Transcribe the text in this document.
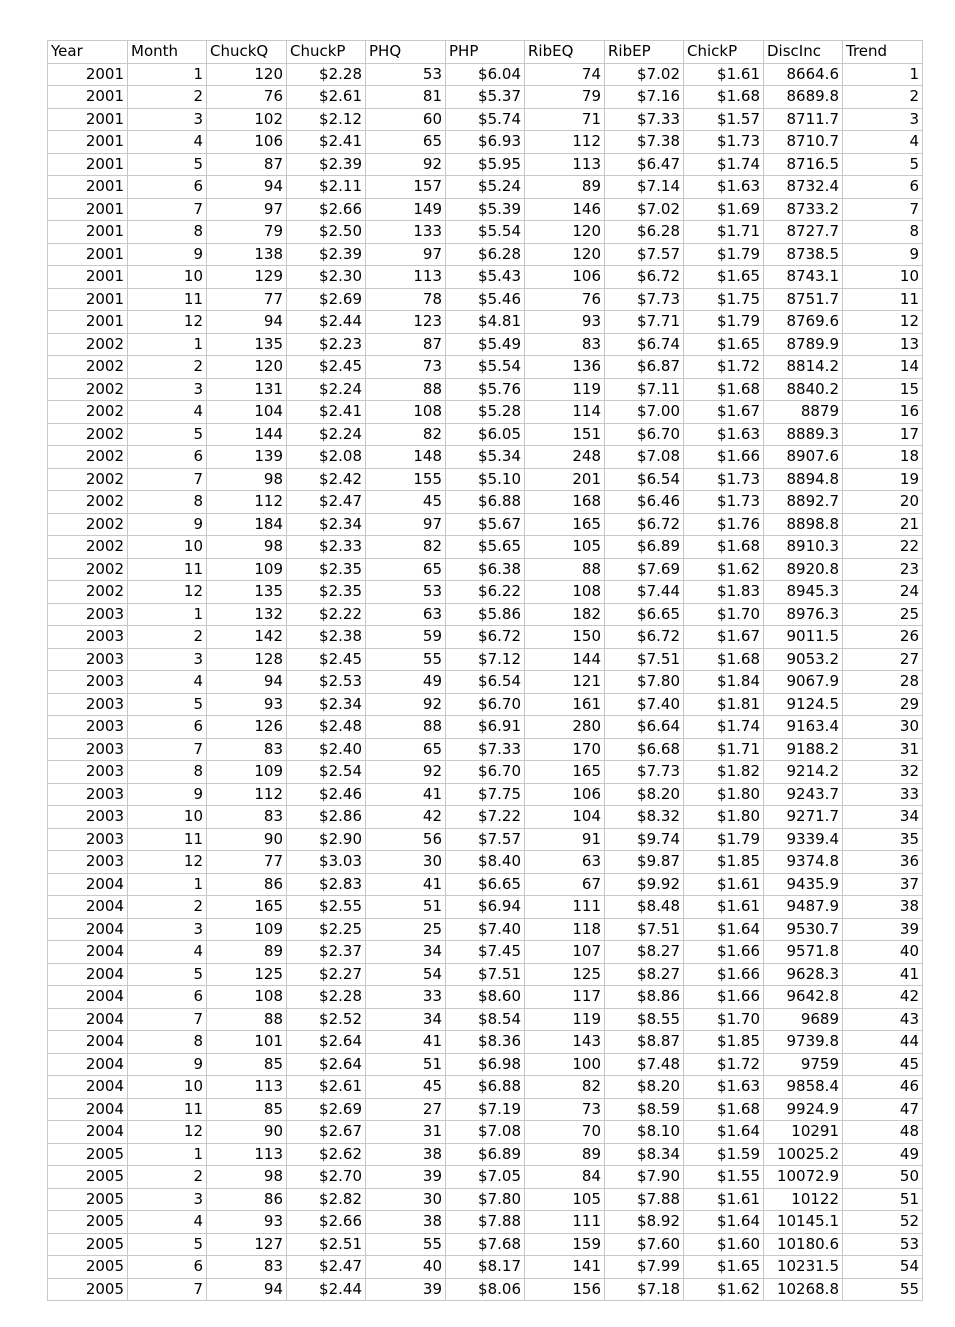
Year	Month	ChuckQ	ChuckP	PHQ	PHP	RibEQ	RibEP	ChickP	DiscInc	Trend
2001	1	120	$2.28	53	$6.04	74	$7.02	$1.61	8664.6	1
2001	2	76	$2.61	81	$5.37	79	$7.16	$1.68	8689.8	2
2001	3	102	$2.12	60	$5.74	71	$7.33	$1.57	8711.7	3
2001	4	106	$2.41	65	$6.93	112	$7.38	$1.73	8710.7	4
2001	5	87	$2.39	92	$5.95	113	$6.47	$1.74	8716.5	5
2001	6	94	$2.11	157	$5.24	89	$7.14	$1.63	8732.4	6
2001	7	97	$2.66	149	$5.39	146	$7.02	$1.69	8733.2	7
2001	8	79	$2.50	133	$5.54	120	$6.28	$1.71	8727.7	8
2001	9	138	$2.39	97	$6.28	120	$7.57	$1.79	8738.5	9
2001	10	129	$2.30	113	$5.43	106	$6.72	$1.65	8743.1	10
2001	11	77	$2.69	78	$5.46	76	$7.73	$1.75	8751.7	11
2001	12	94	$2.44	123	$4.81	93	$7.71	$1.79	8769.6	12
2002	1	135	$2.23	87	$5.49	83	$6.74	$1.65	8789.9	13
2002	2	120	$2.45	73	$5.54	136	$6.87	$1.72	8814.2	14
2002	3	131	$2.24	88	$5.76	119	$7.11	$1.68	8840.2	15
2002	4	104	$2.41	108	$5.28	114	$7.00	$1.67	8879	16
2002	5	144	$2.24	82	$6.05	151	$6.70	$1.63	8889.3	17
2002	6	139	$2.08	148	$5.34	248	$7.08	$1.66	8907.6	18
2002	7	98	$2.42	155	$5.10	201	$6.54	$1.73	8894.8	19
2002	8	112	$2.47	45	$6.88	168	$6.46	$1.73	8892.7	20
2002	9	184	$2.34	97	$5.67	165	$6.72	$1.76	8898.8	21
2002	10	98	$2.33	82	$5.65	105	$6.89	$1.68	8910.3	22
2002	11	109	$2.35	65	$6.38	88	$7.69	$1.62	8920.8	23
2002	12	135	$2.35	53	$6.22	108	$7.44	$1.83	8945.3	24
2003	1	132	$2.22	63	$5.86	182	$6.65	$1.70	8976.3	25
2003	2	142	$2.38	59	$6.72	150	$6.72	$1.67	9011.5	26
2003	3	128	$2.45	55	$7.12	144	$7.51	$1.68	9053.2	27
2003	4	94	$2.53	49	$6.54	121	$7.80	$1.84	9067.9	28
2003	5	93	$2.34	92	$6.70	161	$7.40	$1.81	9124.5	29
2003	6	126	$2.48	88	$6.91	280	$6.64	$1.74	9163.4	30
2003	7	83	$2.40	65	$7.33	170	$6.68	$1.71	9188.2	31
2003	8	109	$2.54	92	$6.70	165	$7.73	$1.82	9214.2	32
2003	9	112	$2.46	41	$7.75	106	$8.20	$1.80	9243.7	33
2003	10	83	$2.86	42	$7.22	104	$8.32	$1.80	9271.7	34
2003	11	90	$2.90	56	$7.57	91	$9.74	$1.79	9339.4	35
2003	12	77	$3.03	30	$8.40	63	$9.87	$1.85	9374.8	36
2004	1	86	$2.83	41	$6.65	67	$9.92	$1.61	9435.9	37
2004	2	165	$2.55	51	$6.94	111	$8.48	$1.61	9487.9	38
2004	3	109	$2.25	25	$7.40	118	$7.51	$1.64	9530.7	39
2004	4	89	$2.37	34	$7.45	107	$8.27	$1.66	9571.8	40
2004	5	125	$2.27	54	$7.51	125	$8.27	$1.66	9628.3	41
2004	6	108	$2.28	33	$8.60	117	$8.86	$1.66	9642.8	42
2004	7	88	$2.52	34	$8.54	119	$8.55	$1.70	9689	43
2004	8	101	$2.64	41	$8.36	143	$8.87	$1.85	9739.8	44
2004	9	85	$2.64	51	$6.98	100	$7.48	$1.72	9759	45
2004	10	113	$2.61	45	$6.88	82	$8.20	$1.63	9858.4	46
2004	11	85	$2.69	27	$7.19	73	$8.59	$1.68	9924.9	47
2004	12	90	$2.67	31	$7.08	70	$8.10	$1.64	10291	48
2005	1	113	$2.62	38	$6.89	89	$8.34	$1.59	10025.2	49
2005	2	98	$2.70	39	$7.05	84	$7.90	$1.55	10072.9	50
2005	3	86	$2.82	30	$7.80	105	$7.88	$1.61	10122	51
2005	4	93	$2.66	38	$7.88	111	$8.92	$1.64	10145.1	52
2005	5	127	$2.51	55	$7.68	159	$7.60	$1.60	10180.6	53
2005	6	83	$2.47	40	$8.17	141	$7.99	$1.65	10231.5	54
2005	7	94	$2.44	39	$8.06	156	$7.18	$1.62	10268.8	55
